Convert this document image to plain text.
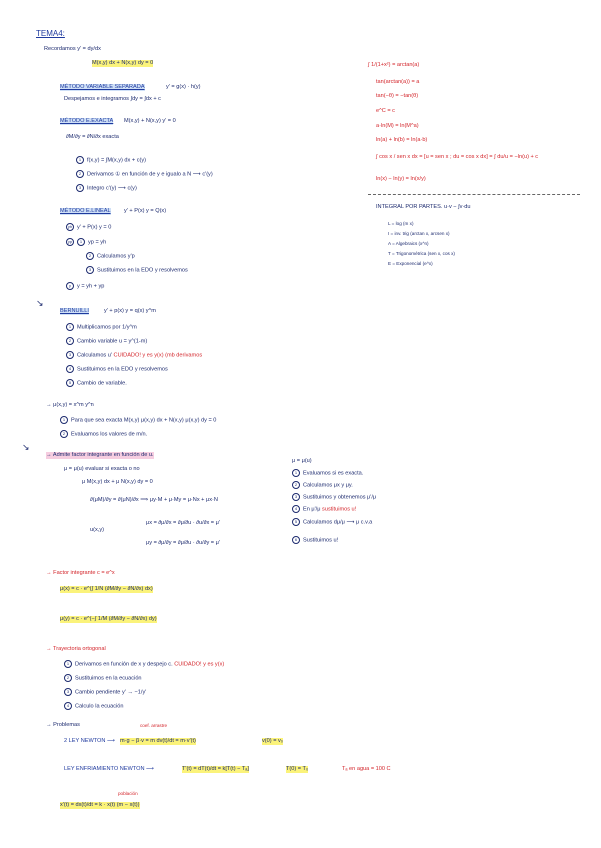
TEMA4:
Recordamos y' = dy/dx
M(x,y) dx + N(x,y) dy = 0
MÉTODO VARIABLE SEPARADA	y' = g(x) · h(y)
Despejamos e integramos ∫dy = ∫dx + c
MÉTODO E.EXACTA M(x,y) + N(x,y) y' = 0
∂M/∂y = ∂N/∂x exacta
1 f(x,y) = ∫M(x,y) dx + c(y)
2 Derivamos ① en función de y e igualo a N ⟶ c'(y)
3 Integro c'(y) ⟶ c(y)
MÉTODO E.LINEAL y' + P(x) y = Q(x)
yh y' + P(x) y = 0
yp 1 yp = yh
2 Calculamos y'p
3 Sustituimos en la EDO y resolvemos
y y = yh + yp
↘
BERNUILLI	y' + p(x) y = q(x) y^m
1 Multiplicamos por 1/y^m
2 Cambio variable u = y^(1-m)
3 Calculamos u' CUIDADO! y es y(x) (mb derivamos
4 Sustituimos en la EDO y resolvemos
5 Cambio de variable.
→ μ(x,y) = x^m y^n
1 Para que sea exacta M(x,y) μ(x,y) dx + N(x,y) μ(x,y) dy = 0
2 Evaluamos los valores de m/n.
↘
→ Admite factor integrante en función de u.
μ = μ(u) evaluar si exacta o no
μ M(x,y) dx + μ N(x,y) dy = 0
∂(μM)/∂y = ∂(μN)/∂x ⟹ μy·M + μ·My = μ·Nx + μx·N
u(x,y)
μx = ∂μ/∂x = ∂μ/∂u · ∂u/∂x = μ'
μy = ∂μ/∂y = ∂μ/∂u · ∂u/∂y = μ'
μ = μ(u)
1 Evaluamos si es exacta.
2 Calculamos μx y μy.
3 Sustituimos y obtenemos μ'/μ
4 En μ'/μ sustituimos u!
5 Calculamos dμ/μ ⟶ μ c.v.a
6 Sustituimos u!
→ Factor integrante c = e^x
μ(x) = c · e^(∫ 1/N (∂M/∂y − ∂N/∂x) dx)
μ(y) = c · e^(−∫ 1/M (∂M/∂y − ∂N/∂x) dy)
→ Trayectoria ortogonal
1 Derivamos en función de x y despejo c. CUIDADO! y es y(x)
2 Sustituimos en la ecuación
3 Cambio pendiente y' → −1/y'
4 Calculo la ecuación
→ Problemas	coef. arrastre
2 LEY NEWTON ⟶ m·g − β·v = m dv(t)/dt = m·v'(t)	v(0) = v₀
LEY ENFRIAMIENTO NEWTON ⟶	T'(t) = dT(t)/dt = k[T(t) − Tₐ]	T(0) = T₀	Tₐ en agua = 100 C
población
x'(t) = dx(t)/dt = k · x(t) (m − x(t))
∫ 1/(1+x²) = arctan(a)
tan(arctan(a)) = a
tan(−θ) = −tan(θ)
e^C = c
a·ln(M) = ln(M^a)
ln(a) + ln(b) = ln(a·b)
∫ cos x / sen x dx = [u = sen x ; du = cos x dx] = ∫ du/u = −ln(u) + c
ln(x) − ln(y) = ln(x/y)
INTEGRAL POR PARTES. u·v − ∫v·du
L = log (m x)
I = inv. trig (arctan x, arcsen x)
A = Algebraics (x^n)
T = Trigonométrica (sen x, cos x)
E = Exponencial (e^x)
